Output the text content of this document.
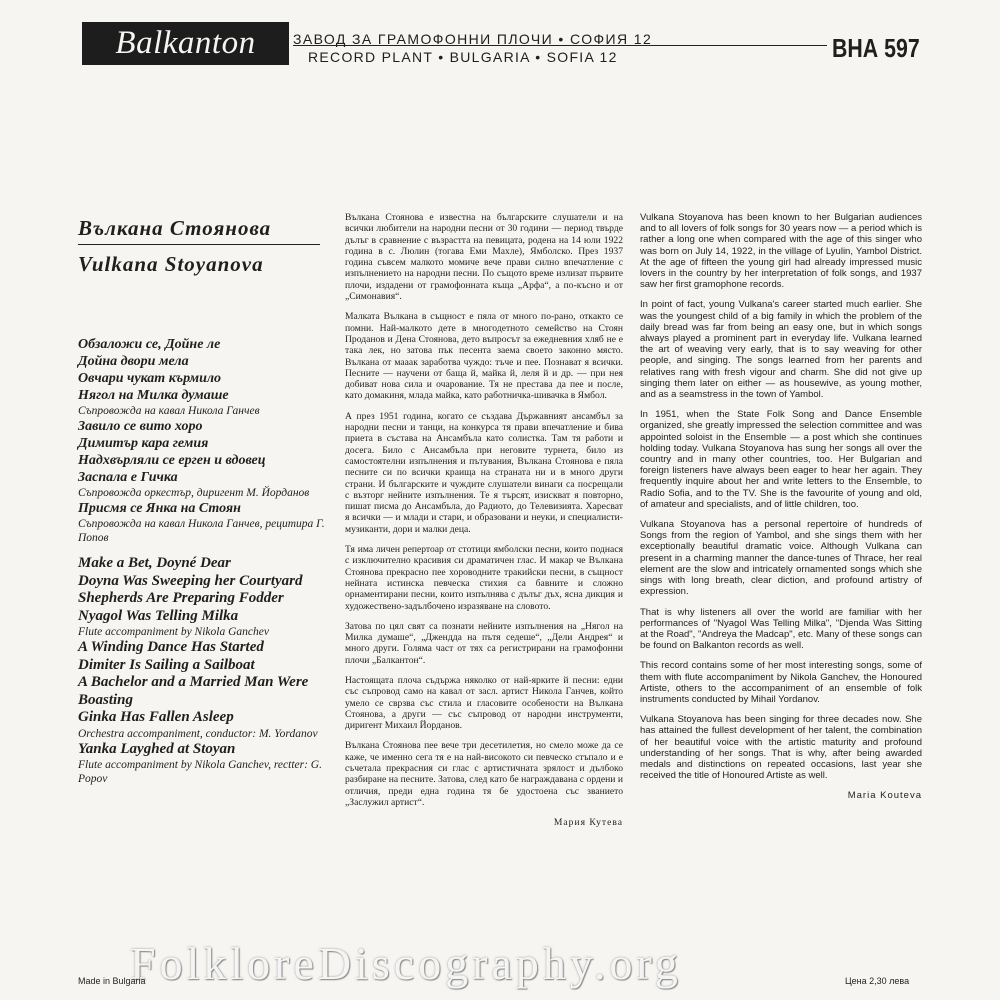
Balkanton	ЗАВОД ЗА ГРАМОФОННИ ПЛОЧИ • СОФИЯ 12
RECORD PLANT • BULGARIA • SOFIA 12	ВНА 597
Вълкана Стоянова
Vulkana Stoyanova
Обзаложи се, Дойне ле
Дойна двори мела
Овчари чукат кърмило
Нягол на Милка думаше
Съпровожда на кавал Никола Ганчев
Завило се вито хоро
Димитър кара гемия
Надхвърляли се ерген и вдовец
Заспала е Гичка
Съпровожда оркестър, диригент М. Йорданов
Присмя се Янка на Стоян
Съпровожда на кавал Никола Ганчев, рецитира Г. Попов
Make a Bet, Doyné Dear
Doyna Was Sweeping her Courtyard
Shepherds Are Preparing Fodder
Nyagol Was Telling Milka
Flute accompaniment by Nikola Ganchev
A Winding Dance Has Started
Dimiter Is Sailing a Sailboat
A Bachelor and a Married Man Were Boasting
Ginka Has Fallen Asleep
Orchestra accompaniment, conductor: M. Yordanov
Yanka Layghed at Stoyan
Flute accompaniment by Nikola Ganchev, rectter: G. Popov

Вълкана Стоянова е известна на българските слушатели и на всички любители на народни песни от 30 години — период твърде дълъг в сравнение с възрастта на певицата, родена на 14 юли 1922 година в с. Люлин (тогава Еми Махле), Ямболско. През 1937 година съвсем малкото момиче вече прави силно впечатление с изпълнението на народни песни. По същото време излизат първите плочи, издадени от грамофонната къща „Арфа“, а по-късно и от „Симонавия“.

Малката Вълкана в същност е пяла от много по-рано, откакто се помни. Най-малкото дете в многодетното семейство на Стоян Проданов и Дена Стоянова, дето въпросът за ежедневния хляб не е така лек, но затова пък песента заема своето законно място. Вълкана от мааак заработва чуждо: тъче и пее. Познават я всички. Песните — научени от баща й, майка й, леля й и др. — при нея добиват нова сила и очарование. Тя не престава да пее и после, като домакиня, млада майка, като работничка-шивачка в Ямбол.

А през 1951 година, когато се създава Държавният ансамбъл за народни песни и танци, на конкурса тя прави впечатление и бива приета в състава на Ансамбъла като солистка. Там тя работи и досега. Било с Ансамбъла при неговите турнета, било из самостоятелни изпълнения и пътувания, Вълкана Стоянова е пяла песните си по всички краища на страната ни и в много други страни. И българските и чуждите слушатели винаги са посрещали с възторг нейните изпълнения. Те я търсят, изискват я повторно, пишат писма до Ансамбъла, до Радиото, до Телевизията. Харесват я всички — и млади и стари, и образовани и неуки, и специалисти-музиканти, дори и малки деца.

Тя има личен репертоар от стотици ямболски песни, които поднася с изключително красивия си драматичен глас. И макар че Вълкана Стоянова прекрасно пее хороводните тракийски песни, в същност нейната истинска певческа стихия са бавните и сложно орнаментирани песни, които изпълнява с дълъг дъх, ясна дикция и художествено-задълбочено изразяване на словото.

Затова по цял свят са познати нейните изпълнения на „Нягол на Милка думаше“, „Джендда на пътя седеше“, „Дели Андрея“ и много други. Голяма част от тях са регистрирани на грамофонни плочи „Балкантон“.

Настоящата плоча съдържа няколко от най-ярките й песни: едни със съпровод само на кавал от засл. артист Никола Ганчев, който умело се сврзва със стила и гласовите особености на Вълкана Стоянова, а други — със съпровод от народни инструменти, диригент Михаил Йорданов.

Вълкана Стоянова пее вече три десетилетия, но смело може да се каже, че именно сега тя е на най-високото си певческо стъпало и е съчетала прекрасния си глас с артистичната зрялост и дълбоко разбиране на песните. Затова, след като бе награждавана с ордени и отличия, преди една година тя бе удостоена със званието „Заслужил артист“.

Мария Кутева

Vulkana Stoyanova has been known to her Bulgarian audiences and to all lovers of folk songs for 30 years now — a period which is rather a long one when compared with the age of this singer who was born on July 14, 1922, in the village of Lyulin, Yambol District. At the age of fifteen the young girl had already impressed music lovers in the country by her interpretation of folk songs, and 1937 saw her first gramophone records.

In point of fact, young Vulkana's career started much earlier. She was the youngest child of a big family in which the problem of the daily bread was far from being an easy one, but in which songs always played a prominent part in everyday life. Vulkana learned the art of weaving very early, that is to say weaving for other people, and singing. The songs learned from her parents and relatives rang with fresh vigour and charm. She did not give up singing them later on either — as housewive, as young mother, and as a seamstress in the town of Yambol.

In 1951, when the State Folk Song and Dance Ensemble organized, she greatly impressed the selection committee and was appointed soloist in the Ensemble — a post which she continues holding today. Vulkana Stoyanova has sung her songs all over the country and in many other countries, too. Her Bulgarian and foreign listeners have always been eager to hear her again. They frequently inquire about her and write letters to the Ensemble, to Radio Sofia, and to the TV. She is the favourite of young and old, of amateur and specialists, and of little children, too.

Vulkana Stoyanova has a personal repertoire of hundreds of Songs from the region of Yambol, and she sings them with her exceptionally beautiful dramatic voice. Although Vulkana can present in a charming manner the dance-tunes of Thrace, her real element are the slow and intricately ornamented songs which she sings with long breath, clear diction, and profound artistry of expression.

That is why listeners all over the world are familiar with her performances of "Nyagol Was Telling Milka", "Djenda Was Sitting at the Road", "Andreya the Madcap", etc. Many of these songs can be found on Balkanton records as well.

This record contains some of her most interesting songs, some of them with flute accompaniment by Nikola Ganchev, the Honoured Artiste, others to the accompaniment of an ensemble of folk instruments conducted by Mihail Yordanov.

Vulkana Stoyanova has been singing for three decades now. She has attained the fullest development of her talent, the combination of her beautiful voice with the artistic maturity and profound understanding of her songs. That is why, after being awarded medals and distinctions on repeated occasions, last year she received the title of Honoured Artiste as well.

Maria Kouteva

FolkloreDiscography.org
Made in Bulgaria	Цена 2,30 лева
